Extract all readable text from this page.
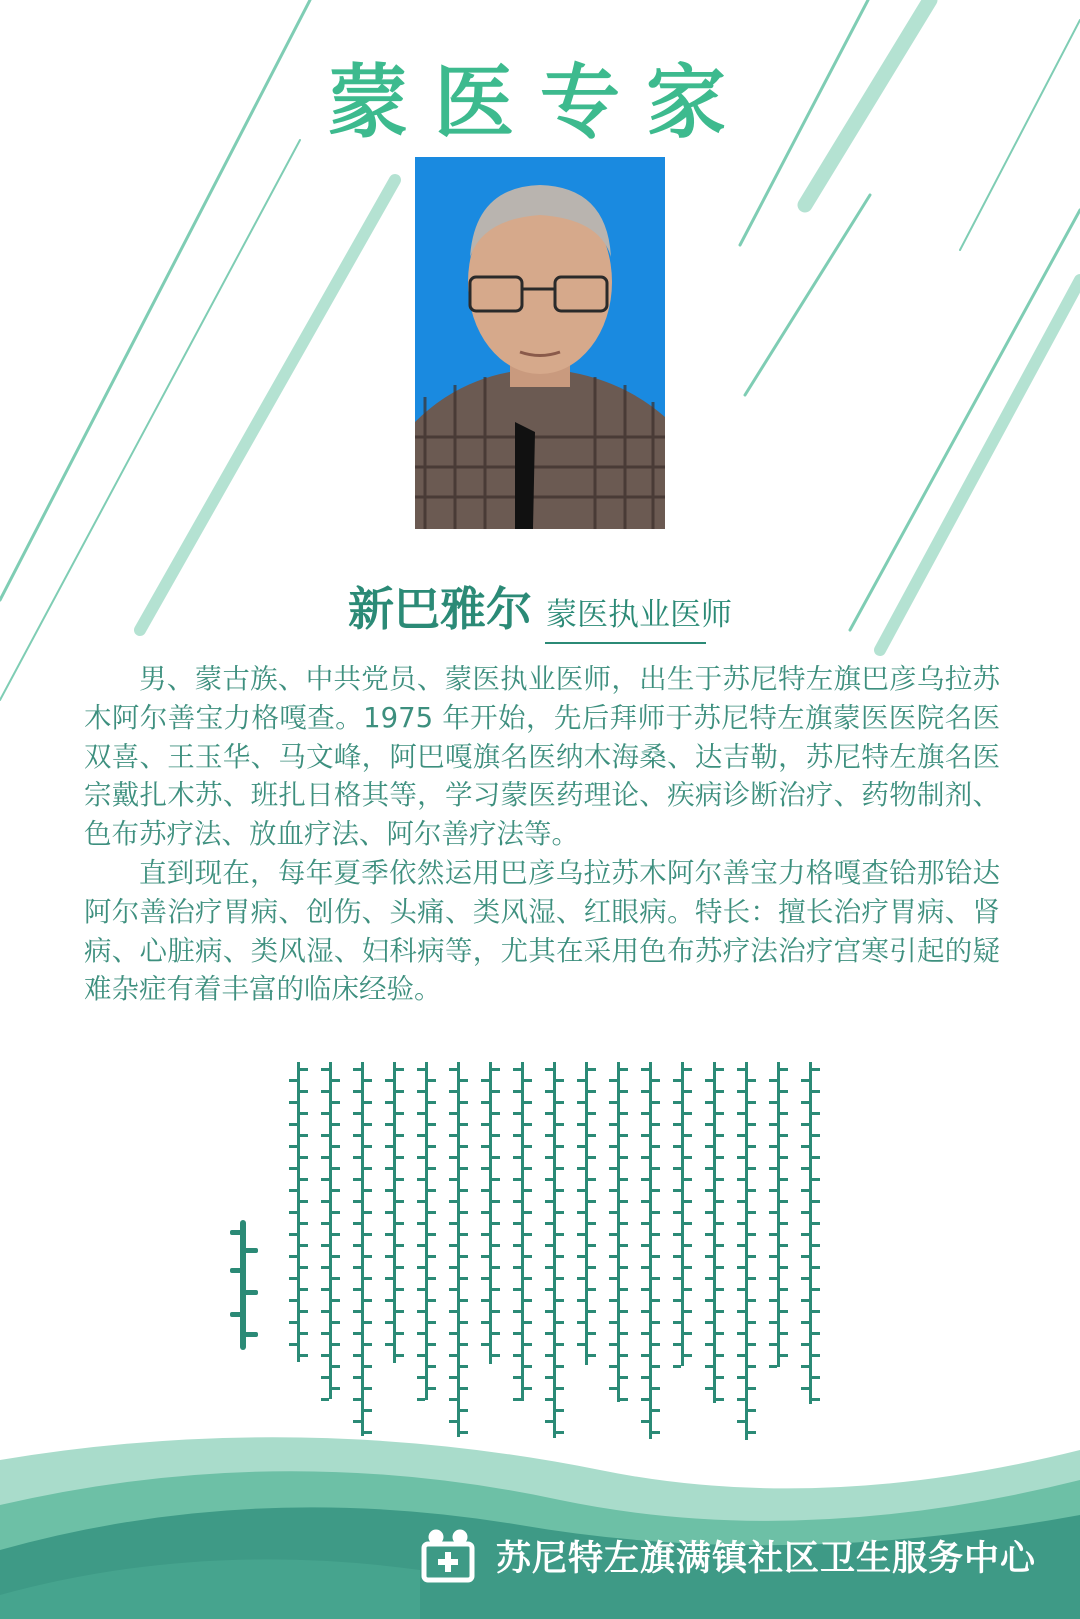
蒙医专家
新巴雅尔 蒙医执业医师

男、蒙古族、中共党员、蒙医执业医师，出生于苏尼特左旗巴彦乌拉苏木阿尔善宝力格嘎查。1975 年开始，先后拜师于苏尼特左旗蒙医医院名医双喜、王玉华、马文峰，阿巴嘎旗名医纳木海桑、达吉勒，苏尼特左旗名医宗戴扎木苏、班扎日格其等，学习蒙医药理论、疾病诊断治疗、药物制剂、色布苏疗法、放血疗法、阿尔善疗法等。

直到现在，每年夏季依然运用巴彦乌拉苏木阿尔善宝力格嘎查铪那铪达阿尔善治疗胃病、创伤、头痛、类风湿、红眼病。特长：擅长治疗胃病、肾病、心脏病、类风湿、妇科病等，尤其在采用色布苏疗法治疗宫寒引起的疑难杂症有着丰富的临床经验。

苏尼特左旗满镇社区卫生服务中心
